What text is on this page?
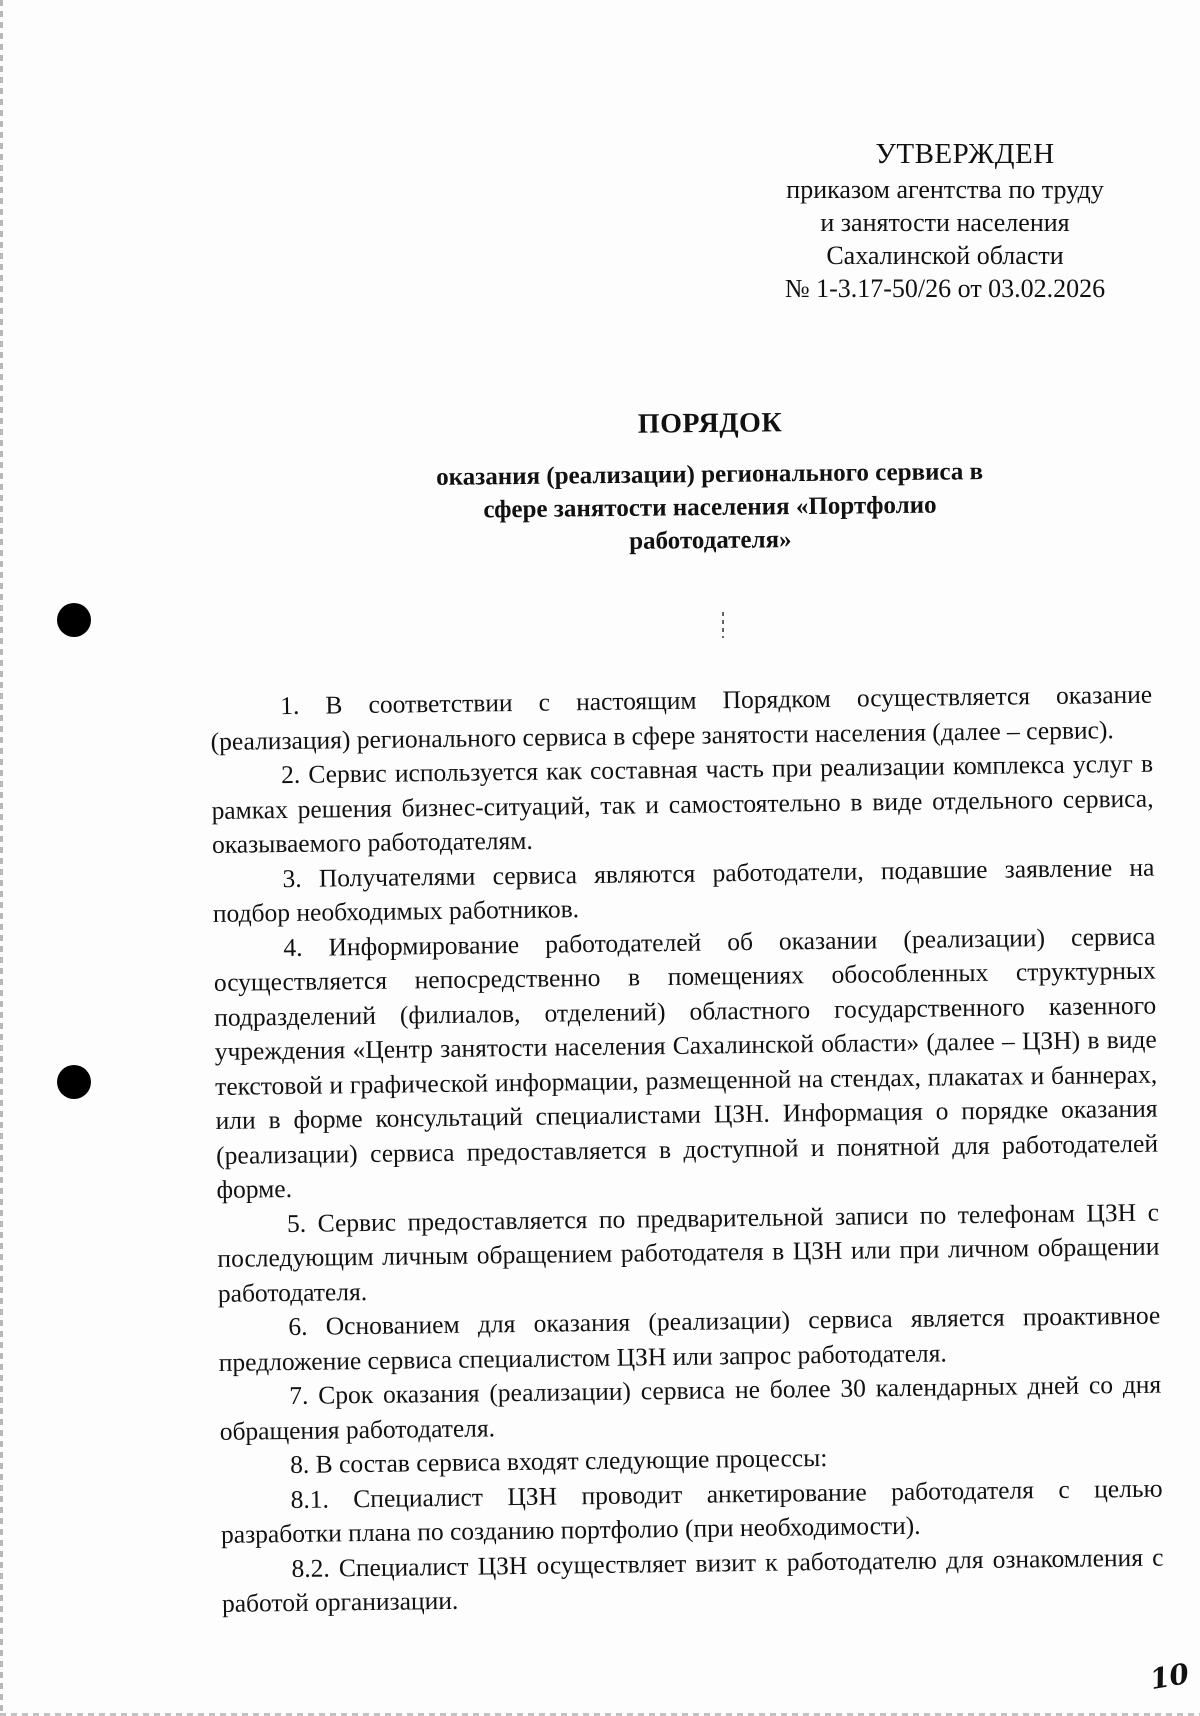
УТВЕРЖДЕН
приказом агентства по труду
и занятости населения
Сахалинской области
№ 1-3.17-50/26 от 03.02.2026
ПОРЯДОК
оказания (реализации) регионального сервиса в
сфере занятости населения «Портфолио
работодателя»

1. В соответствии с настоящим Порядком осуществляется оказание (реализация) регионального сервиса в сфере занятости населения (далее – сервис).

2. Сервис используется как составная часть при реализации комплекса услуг в рамках решения бизнес-ситуаций, так и самостоятельно в виде отдельного сервиса, оказываемого работодателям.

3. Получателями сервиса являются работодатели, подавшие заявление на подбор необходимых работников.

4. Информирование работодателей об оказании (реализации) сервиса осуществляется непосредственно в помещениях обособленных структурных подразделений (филиалов, отделений) областного государственного казенного учреждения «Центр занятости населения Сахалинской области» (далее – ЦЗН) в виде текстовой и графической информации, размещенной на стендах, плакатах и баннерах, или в форме консультаций специалистами ЦЗН. Информация о порядке оказания (реализации) сервиса предоставляется в доступной и понятной для работодателей форме.

5. Сервис предоставляется по предварительной записи по телефонам ЦЗН с последующим личным обращением работодателя в ЦЗН или при личном обращении работодателя.

6. Основанием для оказания (реализации) сервиса является проактивное предложение сервиса специалистом ЦЗН или запрос работодателя.

7. Срок оказания (реализации) сервиса не более 30 календарных дней со дня обращения работодателя.

8. В состав сервиса входят следующие процессы:

8.1. Специалист ЦЗН проводит анкетирование работодателя с целью разработки плана по созданию портфолио (при необходимости).

8.2. Специалист ЦЗН осуществляет визит к работодателю для ознакомления с работой организации.

10
